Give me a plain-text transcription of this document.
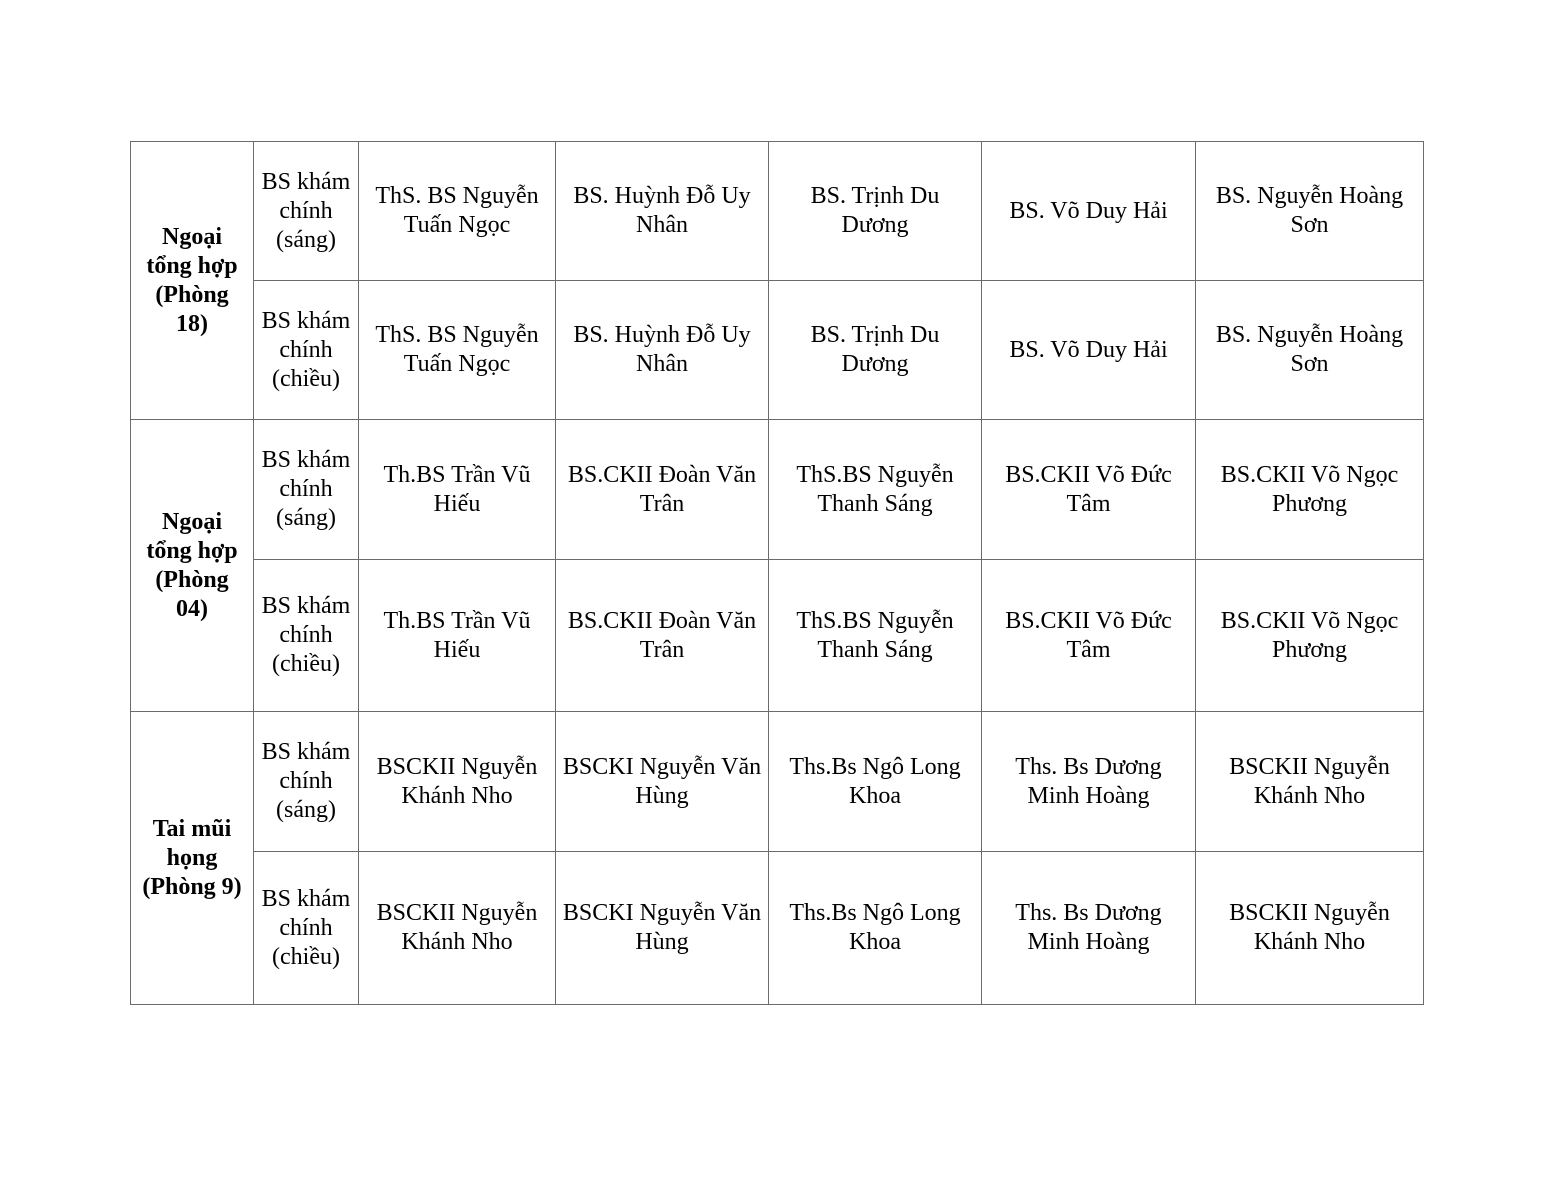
Ngoại tổng hợp (Phòng 18)	BS khám chính (sáng)	ThS. BS Nguyễn Tuấn Ngọc	BS. Huỳnh Đỗ Uy Nhân	BS. Trịnh Du Dương	BS. Võ Duy Hải	BS. Nguyễn Hoàng Sơn
	BS khám chính (chiều)	ThS. BS Nguyễn Tuấn Ngọc	BS. Huỳnh Đỗ Uy Nhân	BS. Trịnh Du Dương	BS. Võ Duy Hải	BS. Nguyễn Hoàng Sơn
Ngoại tổng hợp (Phòng 04)	BS khám chính (sáng)	Th.BS Trần Vũ Hiếu	BS.CKII Đoàn Văn Trân	ThS.BS Nguyễn Thanh Sáng	BS.CKII Võ Đức Tâm	BS.CKII Võ Ngọc Phương
	BS khám chính (chiều)	Th.BS Trần Vũ Hiếu	BS.CKII Đoàn Văn Trân	ThS.BS Nguyễn Thanh Sáng	BS.CKII Võ Đức Tâm	BS.CKII Võ Ngọc Phương
Tai mũi họng (Phòng 9)	BS khám chính (sáng)	BSCKII Nguyễn Khánh Nho	BSCKI Nguyễn Văn Hùng	Ths.Bs Ngô Long Khoa	Ths. Bs Dương Minh Hoàng	BSCKII Nguyễn Khánh Nho
	BS khám chính (chiều)	BSCKII Nguyễn Khánh Nho	BSCKI Nguyễn Văn Hùng	Ths.Bs Ngô Long Khoa	Ths. Bs Dương Minh Hoàng	BSCKII Nguyễn Khánh Nho
